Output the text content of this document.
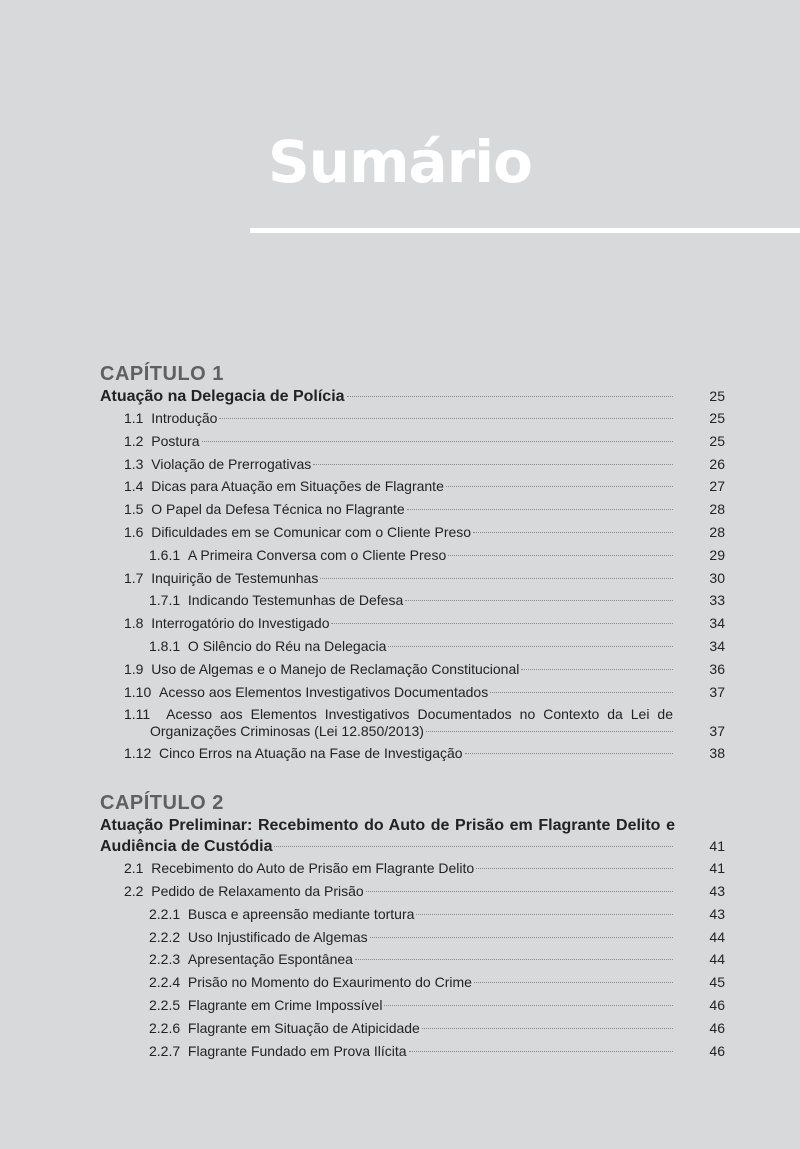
Sumário
CAPÍTULO 1
Atuação na Delegacia de Polícia	25
1.1 Introdução	25
1.2 Postura	25
1.3 Violação de Prerrogativas	26
1.4 Dicas para Atuação em Situações de Flagrante	27
1.5 O Papel da Defesa Técnica no Flagrante	28
1.6 Dificuldades em se Comunicar com o Cliente Preso	28
1.6.1 A Primeira Conversa com o Cliente Preso	29
1.7 Inquirição de Testemunhas	30
1.7.1 Indicando Testemunhas de Defesa	33
1.8 Interrogatório do Investigado	34
1.8.1 O Silêncio do Réu na Delegacia	34
1.9 Uso de Algemas e o Manejo de Reclamação Constitucional	36
1.10 Acesso aos Elementos Investigativos Documentados	37
1.11 Acesso aos Elementos Investigativos Documentados no Contexto da Lei de
Organizações Criminosas (Lei 12.850/2013)	37
1.12 Cinco Erros na Atuação na Fase de Investigação	38
CAPÍTULO 2
Atuação Preliminar: Recebimento do Auto de Prisão em Flagrante Delito e
Audiência de Custódia	41
2.1 Recebimento do Auto de Prisão em Flagrante Delito	41
2.2 Pedido de Relaxamento da Prisão	43
2.2.1 Busca e apreensão mediante tortura	43
2.2.2 Uso Injustificado de Algemas	44
2.2.3 Apresentação Espontânea	44
2.2.4 Prisão no Momento do Exaurimento do Crime	45
2.2.5 Flagrante em Crime Impossível	46
2.2.6 Flagrante em Situação de Atipicidade	46
2.2.7 Flagrante Fundado em Prova Ilícita	46
